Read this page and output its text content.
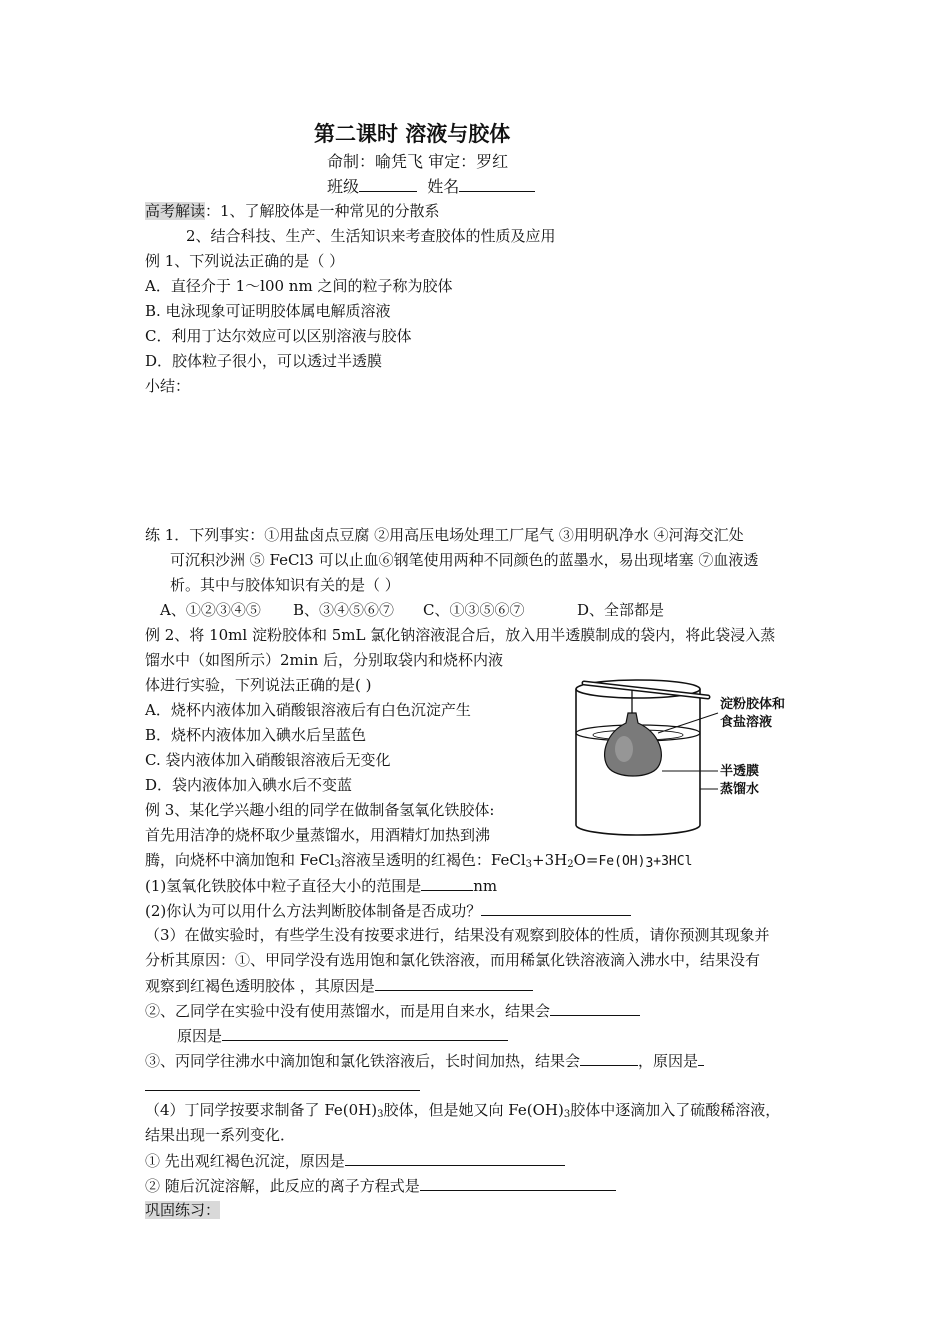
第二课时 溶液与胶体
命制：喻凭飞 审定：罗红
班级	姓名
高考解读：1、了解胶体是一种常见的分散系
2、结合科技、生产、生活知识来考查胶体的性质及应用
例 1、下列说法正确的是（ ）
A．直径介于 1～l00 nm 之间的粒子称为胶体
B. 电泳现象可证明胶体属电解质溶液
C．利用丁达尔效应可以区别溶液与胶体
D．胶体粒子很小，可以透过半透膜
小结：
练 1．下列事实：①用盐卤点豆腐 ②用高压电场处理工厂尾气 ③用明矾净水 ④河海交汇处
可沉积沙洲 ⑤ FeCl3 可以止血⑥钢笔使用两种不同颜色的蓝墨水，易出现堵塞 ⑦血液透
析。其中与胶体知识有关的是（ ）
A、①②③④⑤ B、③④⑤⑥⑦ C、①③⑤⑥⑦	D、全部都是
例 2、将 10ml 淀粉胶体和 5mL 氯化钠溶液混合后，放入用半透膜制成的袋内，将此袋浸入蒸
馏水中（如图所示）2min 后，分别取袋内和烧杯内液
体进行实验，下列说法正确的是( )
A．烧杯内液体加入硝酸银溶液后有白色沉淀产生
B．烧杯内液体加入碘水后呈蓝色
C. 袋内液体加入硝酸银溶液后无变化
D．袋内液体加入碘水后不变蓝
淀粉胶体和
食盐溶液
半透膜
蒸馏水
例 3、某化学兴趣小组的同学在做制备氢氧化铁胶体:
首先用洁净的烧杯取少量蒸馏水，用酒精灯加热到沸
腾，向烧杯中滴加饱和 FeCl$_3$溶液呈透明的红褐色：$FeCl_3+3H_2O=Fe(OH)3+3HCl$
(1)氢氧化铁胶体中粒子直径大小的范围是	nm
(2)你认为可以用什么方法判断胶体制备是否成功？
（3）在做实验时，有些学生没有按要求进行，结果没有观察到胶体的性质，请你预测其现象并
分析其原因：①、甲同学没有选用饱和氯化铁溶液，而用稀氯化铁溶液滴入沸水中，结果没有
观察到红褐色透明胶体 ，其原因是
②、乙同学在实验中没有使用蒸馏水，而是用自来水，结果会
原因是
③、丙同学往沸水中滴加饱和氯化铁溶液后，长时间加热，结果会	，原因是
（4）丁同学按要求制备了 $Fe(0H)_3$胶体，但是她又向 $Fe(OH)_3$胶体中逐滴加入了硫酸稀溶液，
结果出现一系列变化．
① 先出观红褐色沉淀，原因是
② 随后沉淀溶解，此反应的离子方程式是
巩固练习：
